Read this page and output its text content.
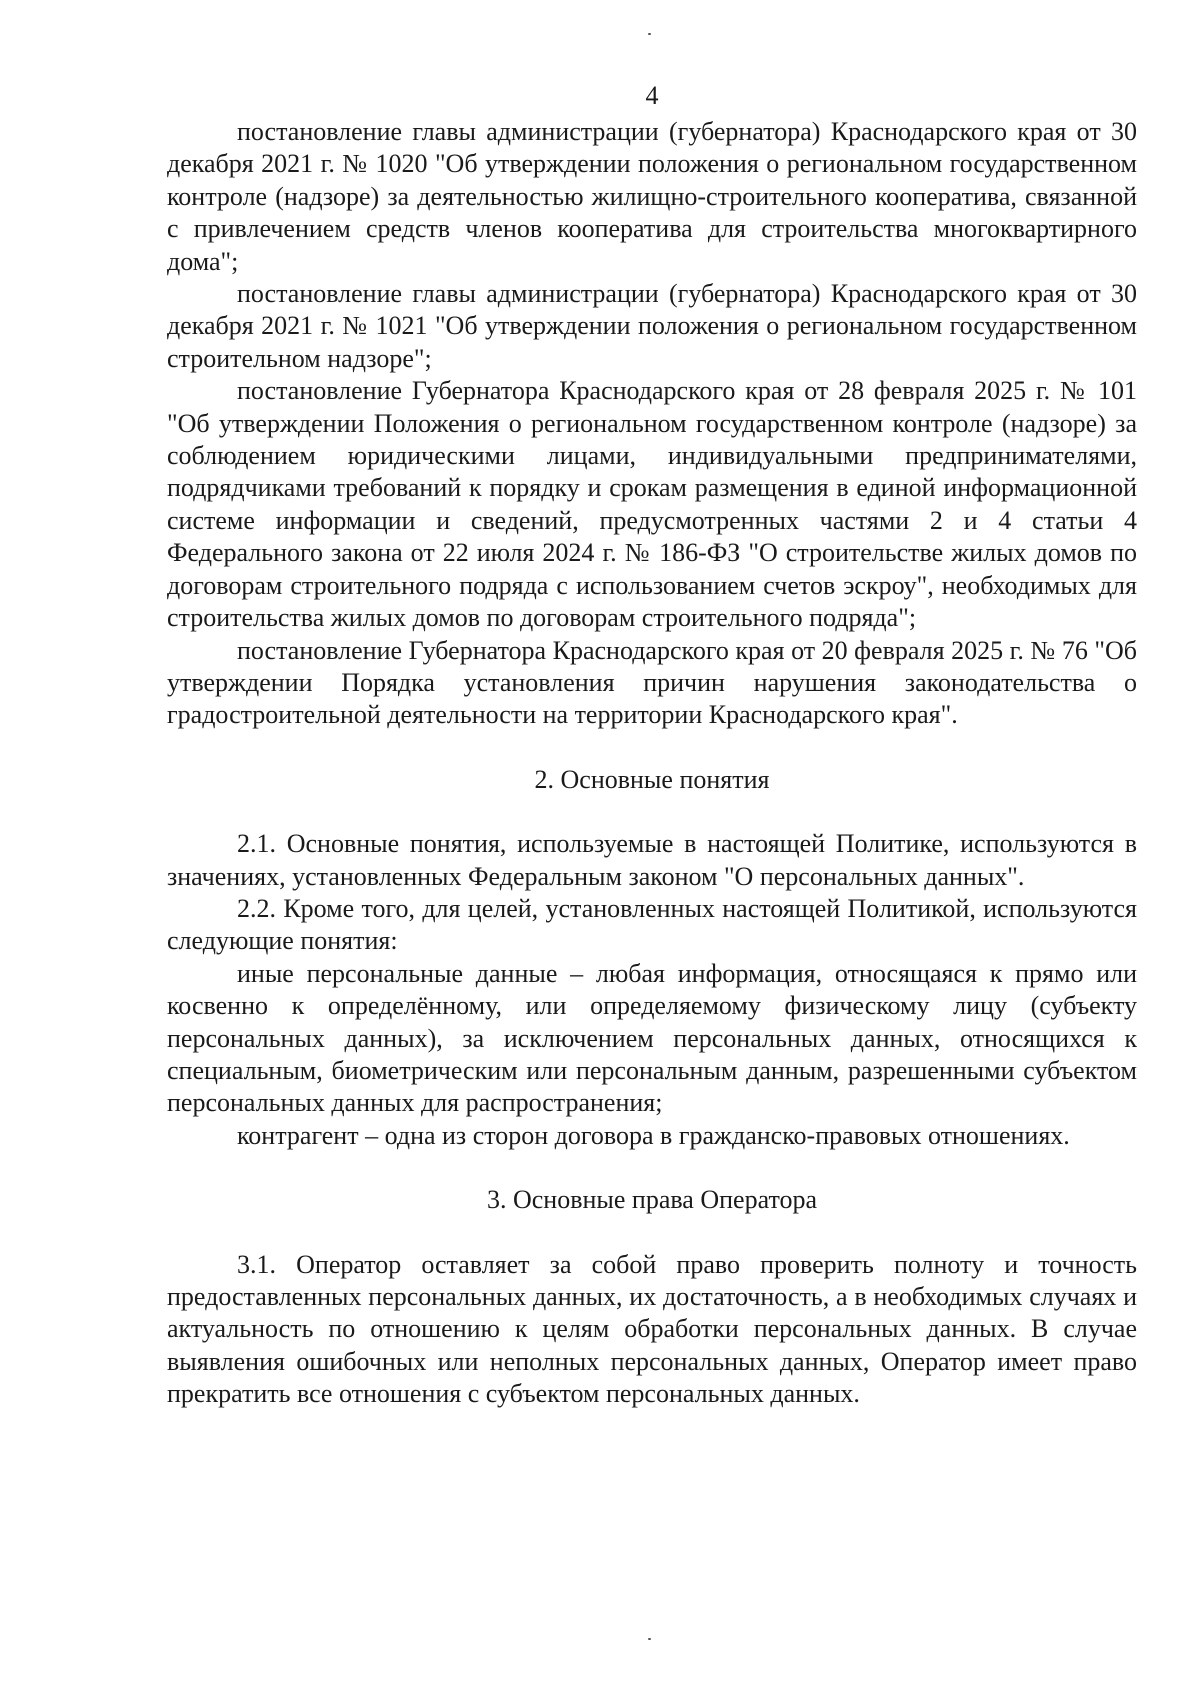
4

постановление главы администрации (губернатора) Краснодарского края от 30 декабря 2021 г. № 1020 "Об утверждении положения о региональном государственном контроле (надзоре) за деятельностью жилищно-строительного кооператива, связанной с привлечением средств членов кооператива для строительства многоквартирного дома";

постановление главы администрации (губернатора) Краснодарского края от 30 декабря 2021 г. № 1021 "Об утверждении положения о региональном государственном строительном надзоре";

постановление Губернатора Краснодарского края от 28 февраля 2025 г. № 101 "Об утверждении Положения о региональном государственном контроле (надзоре) за соблюдением юридическими лицами, индивидуальными предпринимателями, подрядчиками требований к порядку и срокам размещения в единой информационной системе информации и сведений, предусмотренных частями 2 и 4 статьи 4 Федерального закона от 22 июля 2024 г. № 186-ФЗ "О строительстве жилых домов по договорам строительного подряда с использованием счетов эскроу", необходимых для строительства жилых домов по договорам строительного подряда";

постановление Губернатора Краснодарского края от 20 февраля 2025 г. № 76 "Об утверждении Порядка установления причин нарушения законодательства о градостроительной деятельности на территории Краснодарского края".

2. Основные понятия

2.1. Основные понятия, используемые в настоящей Политике, используются в значениях, установленных Федеральным законом "О персональных данных".

2.2. Кроме того, для целей, установленных настоящей Политикой, используются следующие понятия:

иные персональные данные – любая информация, относящаяся к прямо или косвенно к определённому, или определяемому физическому лицу (субъекту персональных данных), за исключением персональных данных, относящихся к специальным, биометрическим или персональным данным, разрешенными субъектом персональных данных для распространения;

контрагент – одна из сторон договора в гражданско-правовых отношениях.

3. Основные права Оператора

3.1. Оператор оставляет за собой право проверить полноту и точность предоставленных персональных данных, их достаточность, а в необходимых случаях и актуальность по отношению к целям обработки персональных данных. В случае выявления ошибочных или неполных персональных данных, Оператор имеет право прекратить все отношения с субъектом персональных данных.
